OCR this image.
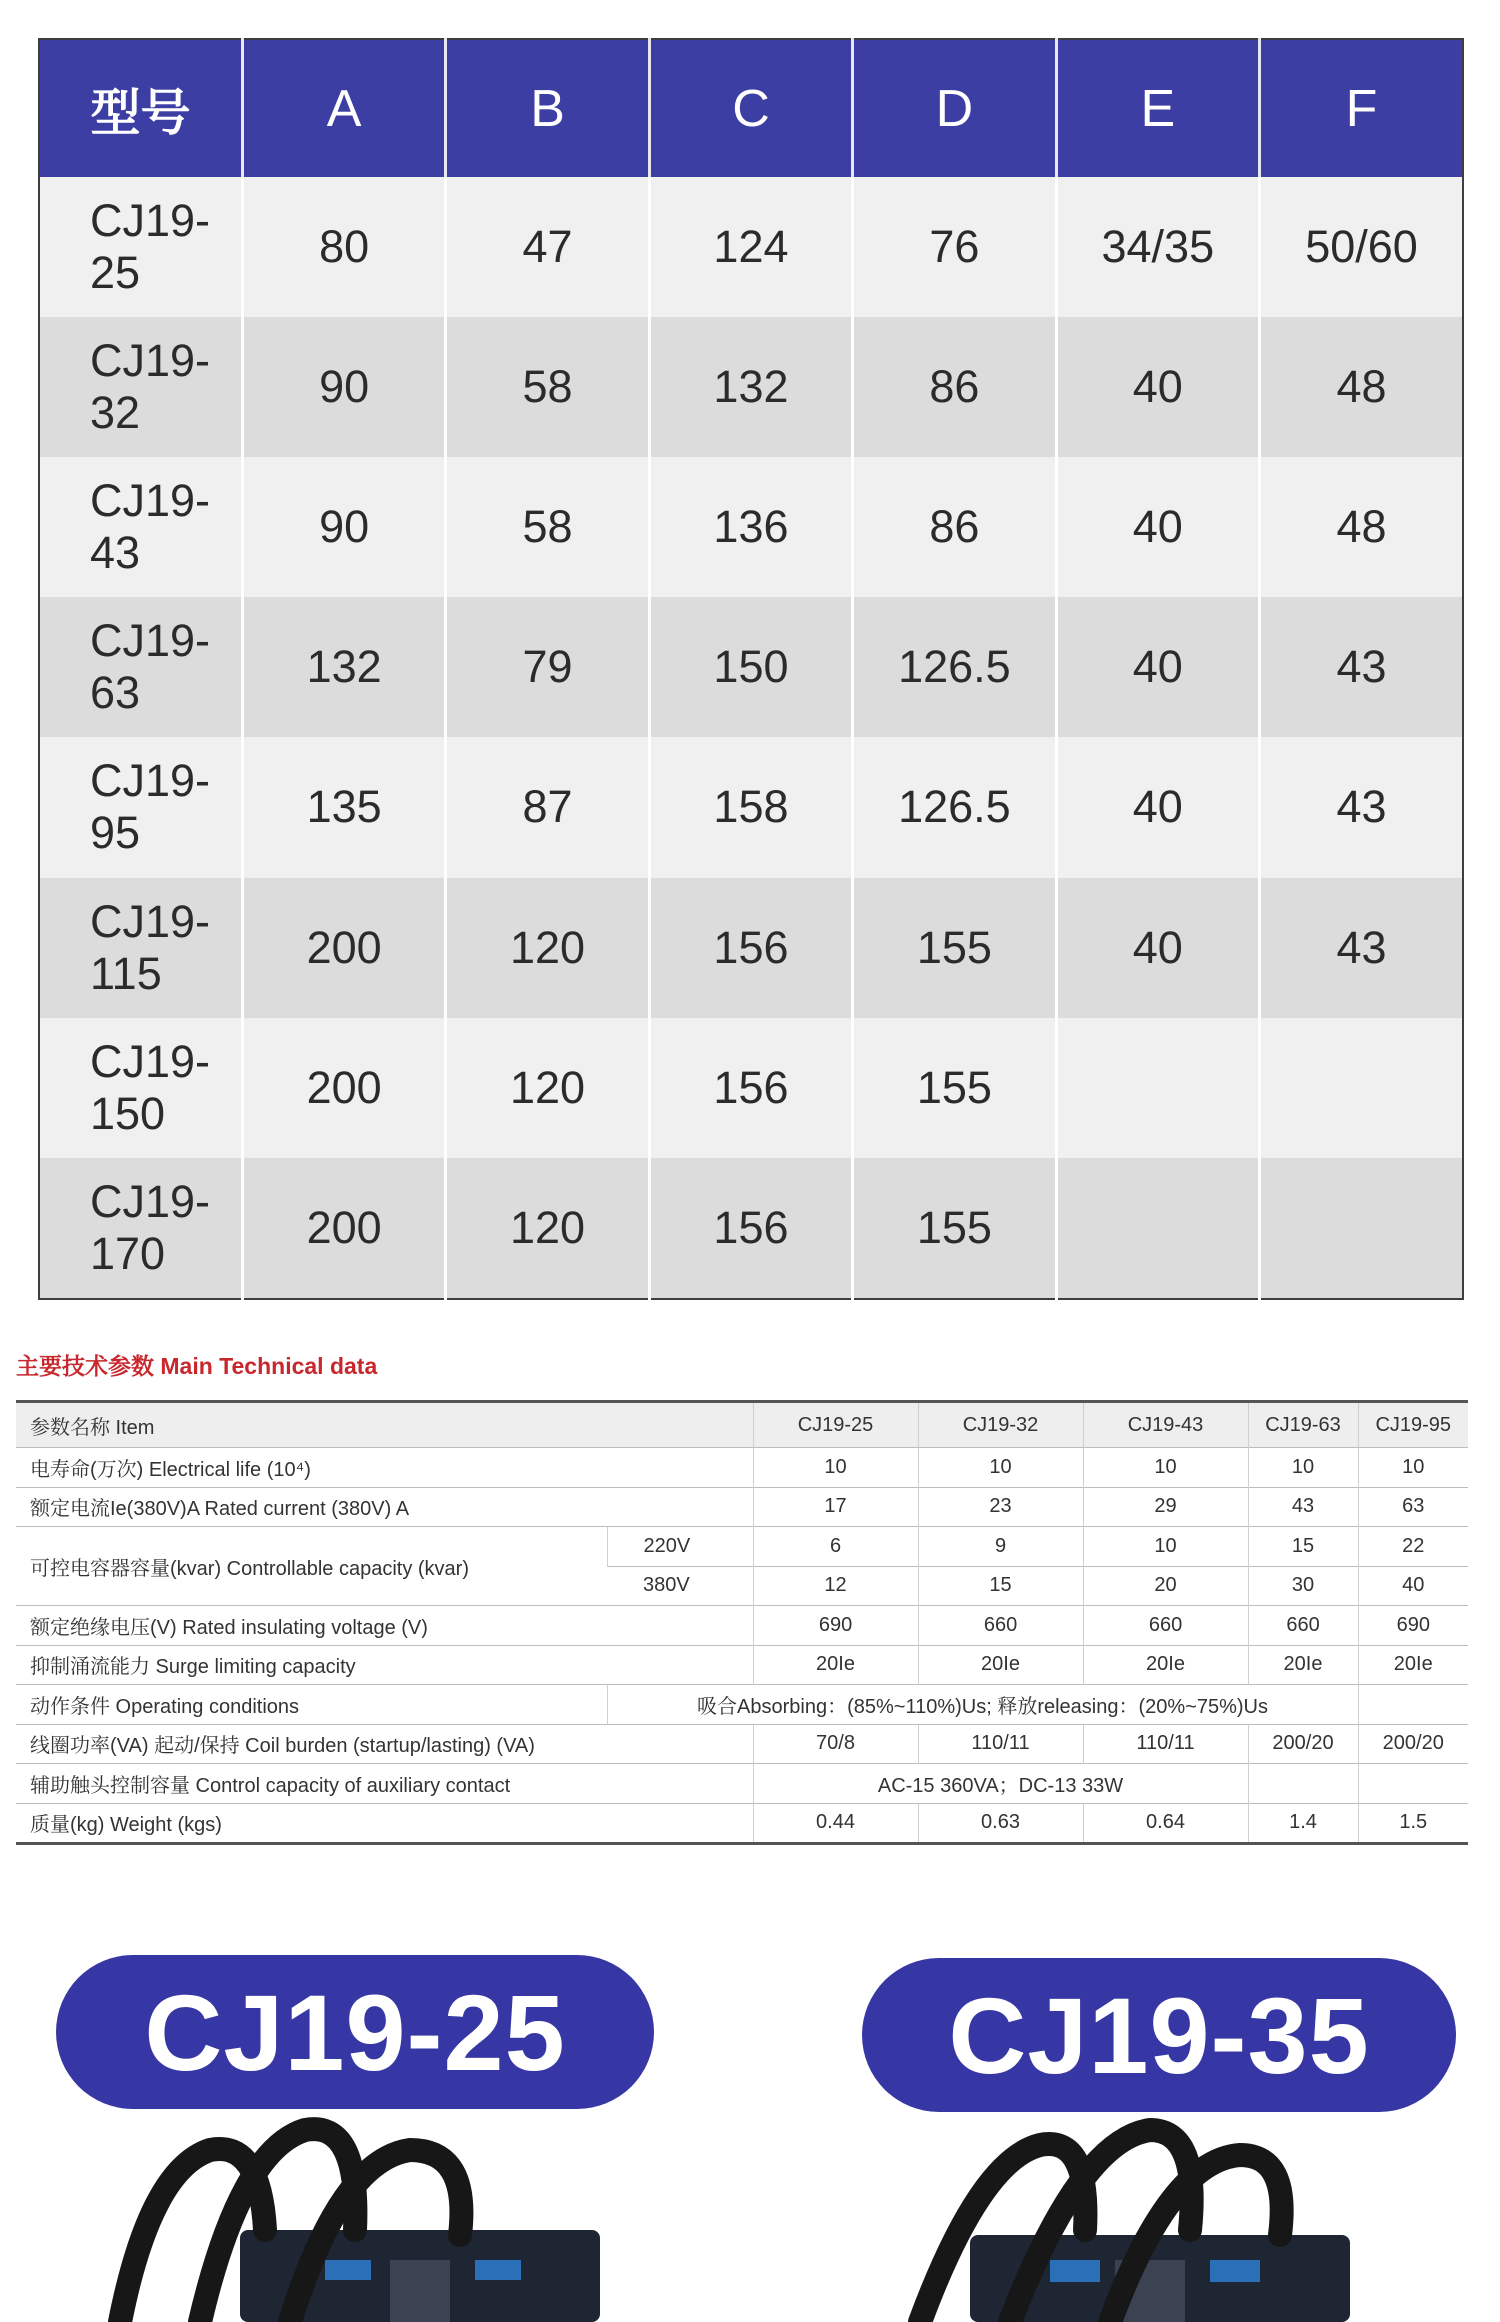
型号	A	B	C	D	E	F
CJ19-25	80	47	124	76	34/35	50/60
CJ19-32	90	58	132	86	40	48
CJ19-43	90	58	136	86	40	48
CJ19-63	132	79	150	126.5	40	43
CJ19-95	135	87	158	126.5	40	43
CJ19-115	200	120	156	155	40	43
CJ19-150	200	120	156	155		
CJ19-170	200	120	156	155		
主要技术参数 Main Technical data
参数名称 Item		CJ19-25	CJ19-32	CJ19-43	CJ19-63	CJ19-95
电寿命(万次) Electrical life (10⁴)		10	10	10	10	10
额定电流Ie(380V)A Rated current (380V) A		17	23	29	43	63
可控电容器容量(kvar) Controllable capacity (kvar)	220V	6	9	10	15	22
	380V	12	15	20	30	40
额定绝缘电压(V) Rated insulating voltage (V)		690	660	660	660	690
抑制涌流能力 Surge limiting capacity		20Ie	20Ie	20Ie	20Ie	20Ie
动作条件 Operating conditions	吸合Absorbing：(85%~110%)Us; 释放releasing：(20%~75%)Us					
线圈功率(VA) 起动/保持 Coil burden (startup/lasting) (VA)		70/8	110/11	110/11	200/20	200/20
辅助触头控制容量 Control capacity of auxiliary contact		AC-15 360VA；DC-13 33W				
质量(kg) Weight (kgs)		0.44	0.63	0.64	1.4	1.5
CJ19-25	CJ19-35
